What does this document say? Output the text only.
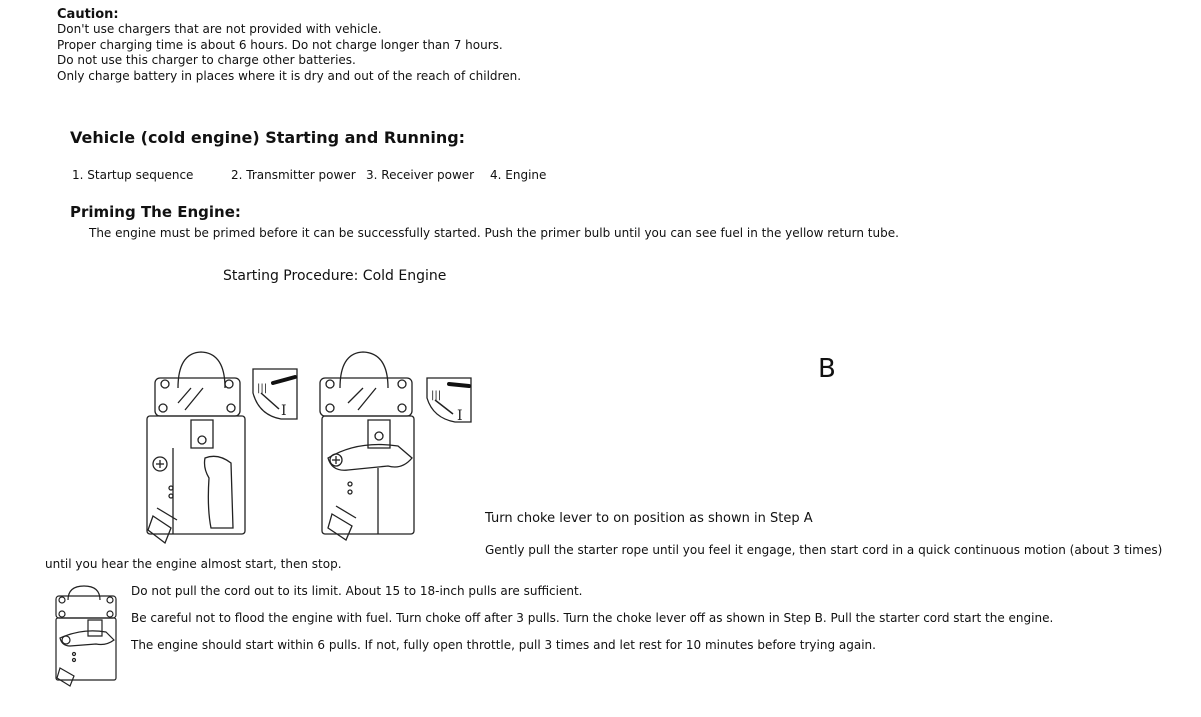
Caution:
Don't use chargers that are not provided with vehicle.
Proper charging time is about 6 hours. Do not charge longer than 7 hours.
Do not use this charger to charge other batteries.
Only charge battery in places where it is dry and out of the reach of children.
Vehicle (cold engine) Starting and Running:
1. Startup sequence	2. Transmitter power 3. Receiver power 4. Engine
Priming The Engine:
The engine must be primed before it can be successfully started. Push the primer bulb until you can see fuel in the yellow return tube.
Starting Procedure: Cold Engine
B
|||
I
|||
I
Turn choke lever to on position as shown in Step A
Gently pull the starter rope until you feel it engage, then start cord in a quick continuous motion (about 3 times)
until you hear the engine almost start, then stop.
Do not pull the cord out to its limit. About 15 to 18-inch pulls are sufficient.
Be careful not to flood the engine with fuel. Turn choke off after 3 pulls. Turn the choke lever off as shown in Step B. Pull the starter cord start the engine.
The engine should start within 6 pulls. If not, fully open throttle, pull 3 times and let rest for 10 minutes before trying again.
